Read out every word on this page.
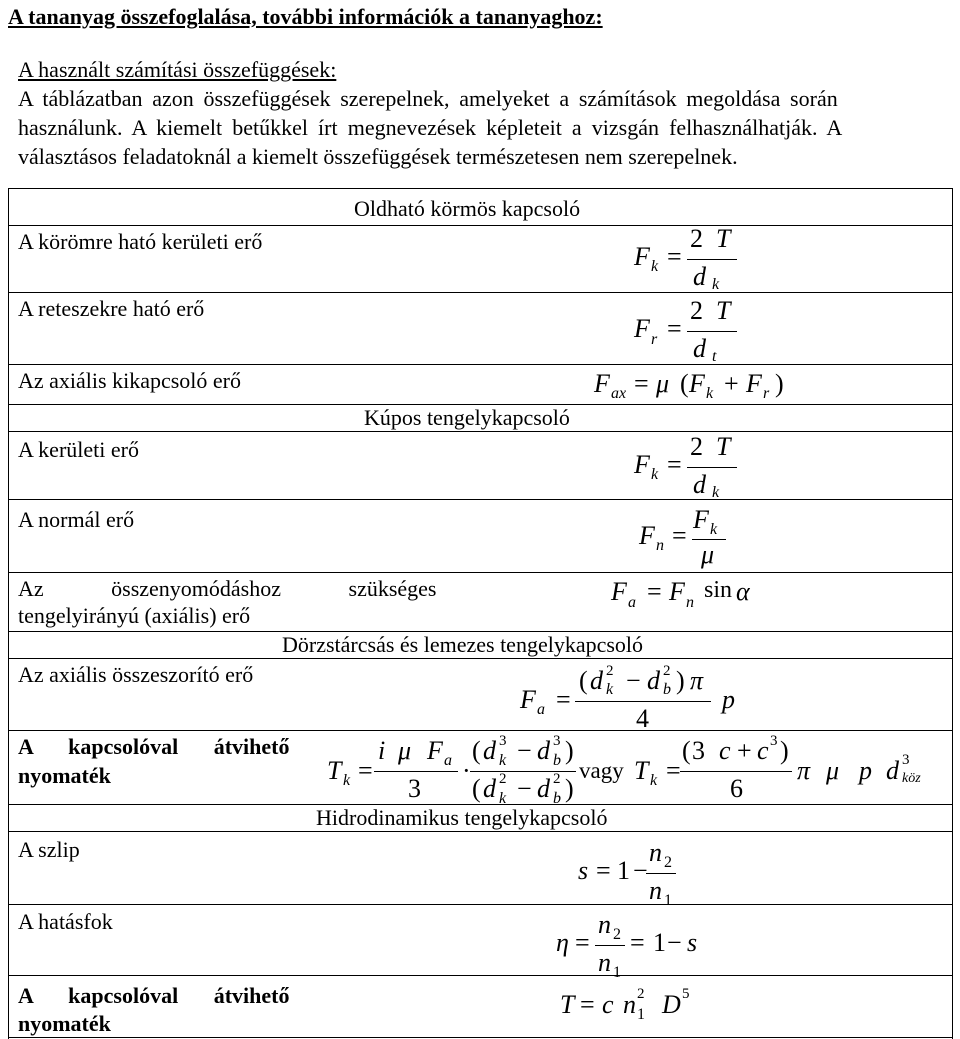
A tananyag összefoglalása, további információk a tananyaghoz:
A használt számítási összefüggések:
A táblázatban azon összefüggések szerepelnek, amelyeket a számítások megoldása során
használunk. A kiemelt betűkkel írt megnevezések képleteit a vizsgán felhasználhatják. A
választásos feladatoknál a kiemelt összefüggések természetesen nem szerepelnek.
Oldható körmös kapcsoló
Kúpos tengelykapcsoló
Dörzstárcsás és lemezes tengelykapcsoló
Hidrodinamikus tengelykapcsoló
A körömre ható kerületi erő
A reteszekre ható erő
Az axiális kikapcsoló erő
A kerületi erő
A normál erő
Az összenyomódáshoz szükséges
tengelyirányú (axiális) erő
Az axiális összeszorító erő
A kapcsolóval átvihető
nyomaték
A szlip
A hatásfok
A kapcsolóval átvihető
nyomaték
F k =
2 T
d k
F r =
2 T
d t
F ax = μ ( F k + F r )
F k =
2 T
d k
F n =
F k
μ
F a = F n sin α
F a =
( d 2
k − d 2
b ) π
4
p
T k =
i μ F a
3
·
( d 3
k − d 3
b )
( d 2
k − d 2
b )
vagy T k =
( 3 c + c 3 )
6
π μ p d 3
köz
s = 1 −
n 2
n 1
η =
n 2
n 1
= 1 − s
T = c n 2
1 D 5
